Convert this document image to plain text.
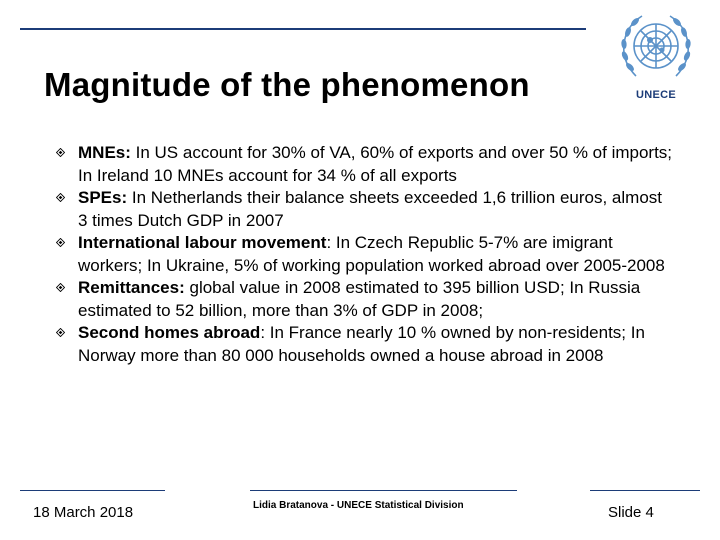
Magnitude of the phenomenon	UNECE
MNEs: In US account for 30% of VA, 60% of exports and over 50 % of imports; In Ireland 10 MNEs account for 34 % of all exports
SPEs: In Netherlands their balance sheets exceeded 1,6 trillion euros, almost 3 times Dutch GDP in 2007
International labour movement: In Czech Republic 5-7% are imigrant workers; In Ukraine, 5% of working population worked abroad over 2005-2008
Remittances: global value in 2008 estimated to 395 billion USD; In Russia estimated to 52 billion, more than 3% of GDP in 2008;
Second homes abroad: In France nearly 10 % owned by non-residents; In Norway more than 80 000 households owned a house abroad in 2008
18 March 2018	Lidia Bratanova - UNECE Statistical Division	Slide 4
